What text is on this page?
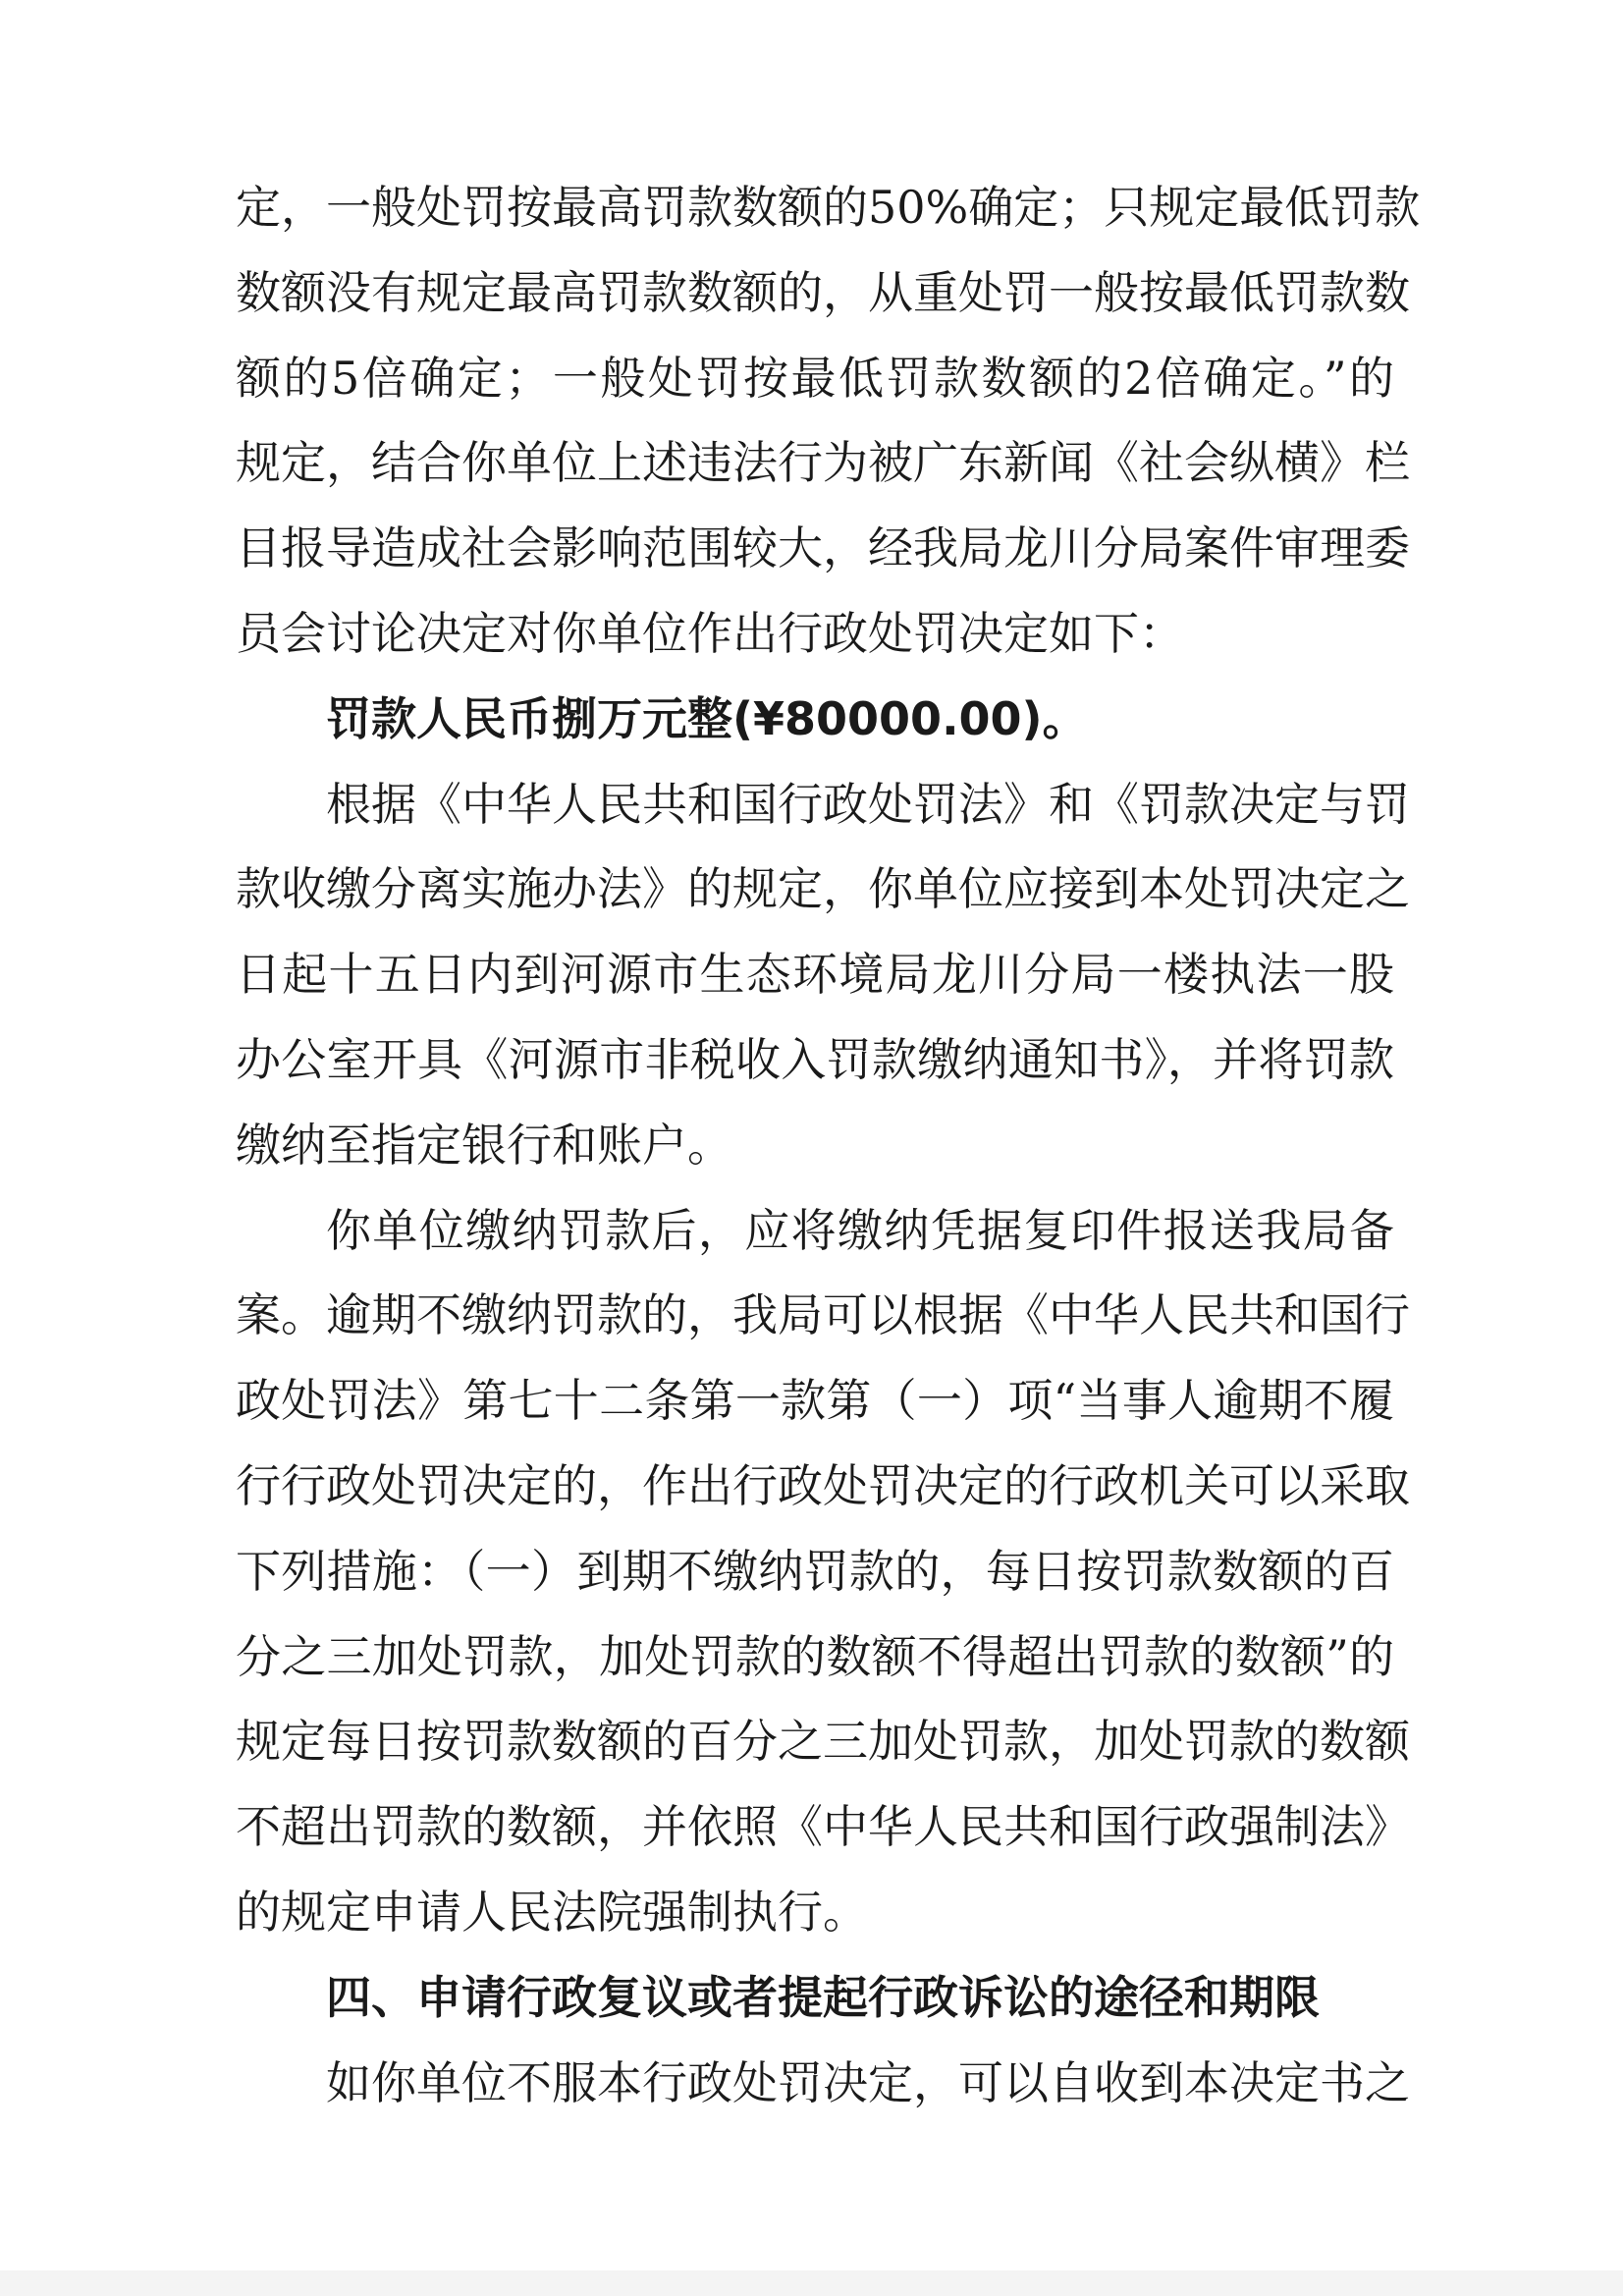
定，一般处罚按最高罚款数额的50%确定；只规定最低罚款
数额没有规定最高罚款数额的，从重处罚一般按最低罚款数
额的5倍确定；一般处罚按最低罚款数额的2倍确定。”的
规定，结合你单位上述违法行为被广东新闻《社会纵横》栏
目报导造成社会影响范围较大，经我局龙川分局案件审理委
员会讨论决定对你单位作出行政处罚决定如下：
罚款人民币捌万元整(¥80000.00)。
根据《中华人民共和国行政处罚法》和《罚款决定与罚
款收缴分离实施办法》的规定，你单位应接到本处罚决定之
日起十五日内到河源市生态环境局龙川分局一楼执法一股
办公室开具《河源市非税收入罚款缴纳通知书》，并将罚款
缴纳至指定银行和账户。
你单位缴纳罚款后，应将缴纳凭据复印件报送我局备
案。逾期不缴纳罚款的，我局可以根据《中华人民共和国行
政处罚法》第七十二条第一款第（一）项“当事人逾期不履
行行政处罚决定的，作出行政处罚决定的行政机关可以采取
下列措施：（一）到期不缴纳罚款的，每日按罚款数额的百
分之三加处罚款，加处罚款的数额不得超出罚款的数额”的
规定每日按罚款数额的百分之三加处罚款，加处罚款的数额
不超出罚款的数额，并依照《中华人民共和国行政强制法》
的规定申请人民法院强制执行。
四、申请行政复议或者提起行政诉讼的途径和期限
如你单位不服本行政处罚决定，可以自收到本决定书之
